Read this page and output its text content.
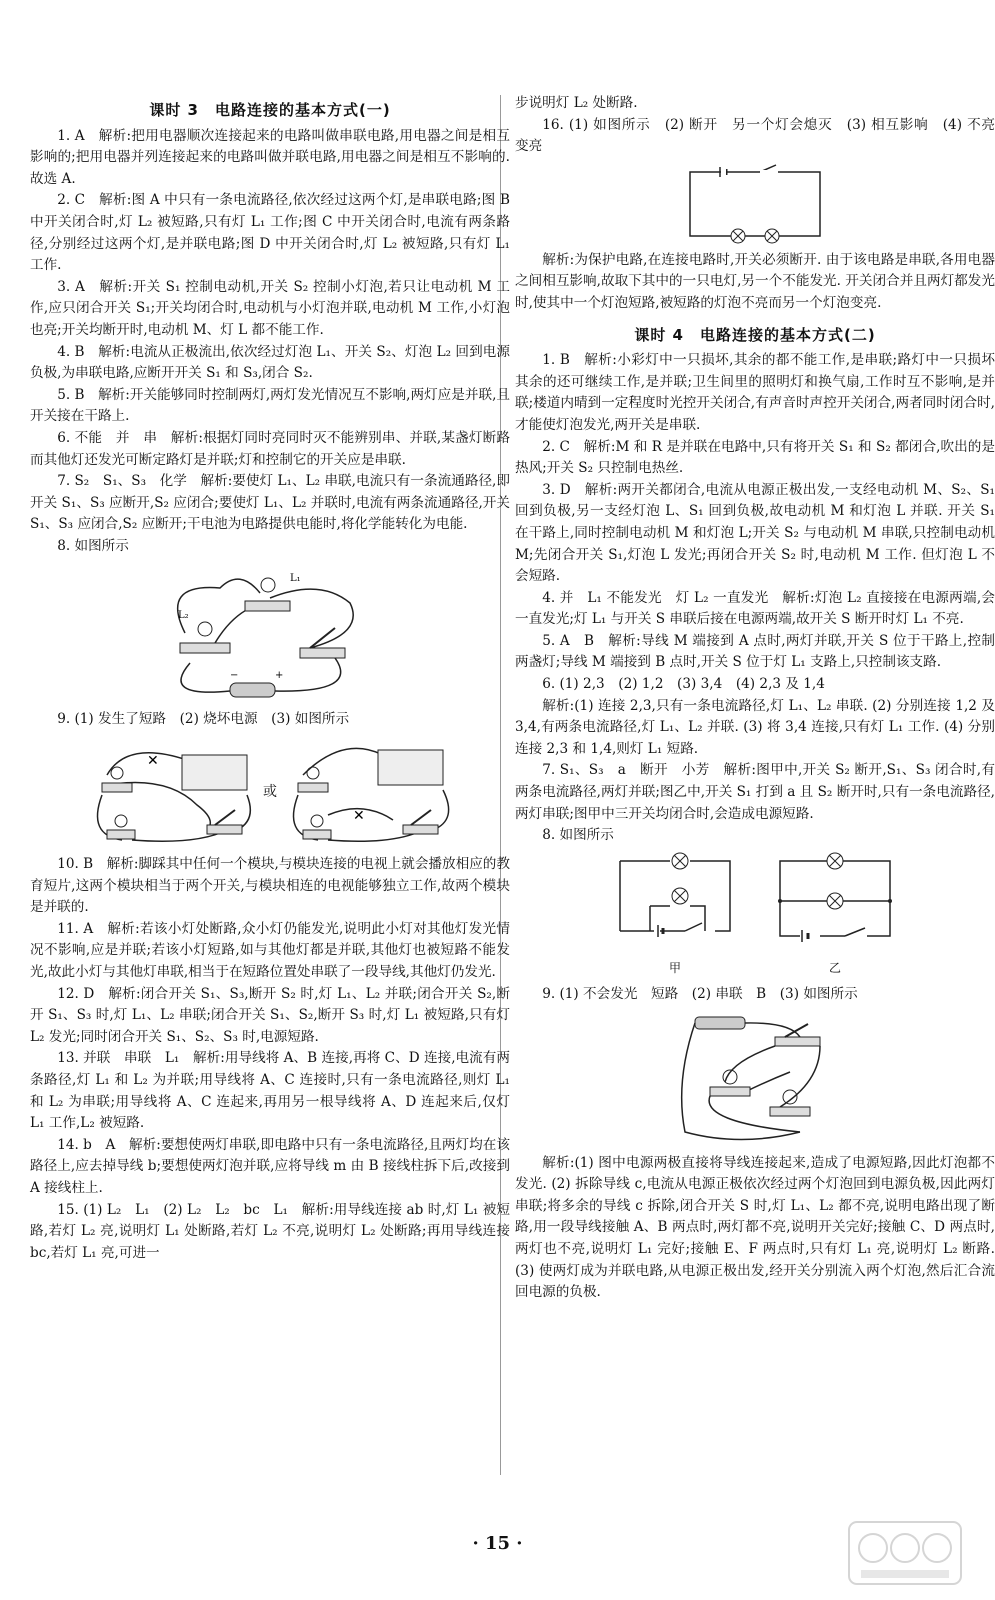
课时 3　电路连接的基本方式(一)

1. A　解析:把用电器顺次连接起来的电路叫做串联电路,用电器之间是相互影响的;把用电器并列连接起来的电路叫做并联电路,用电器之间是相互不影响的. 故选 A.

2. C　解析:图 A 中只有一条电流路径,依次经过这两个灯,是串联电路;图 B 中开关闭合时,灯 L₂ 被短路,只有灯 L₁ 工作;图 C 中开关闭合时,电流有两条路径,分别经过这两个灯,是并联电路;图 D 中开关闭合时,灯 L₂ 被短路,只有灯 L₁ 工作.

3. A　解析:开关 S₁ 控制电动机,开关 S₂ 控制小灯泡,若只让电动机 M 工作,应只闭合开关 S₁;开关均闭合时,电动机与小灯泡并联,电动机 M 工作,小灯泡也亮;开关均断开时,电动机 M、灯 L 都不能工作.

4. B　解析:电流从正极流出,依次经过灯泡 L₁、开关 S₂、灯泡 L₂ 回到电源负极,为串联电路,应断开开关 S₁ 和 S₃,闭合 S₂.

5. B　解析:开关能够同时控制两灯,两灯发光情况互不影响,两灯应是并联,且开关接在干路上.

6. 不能　并　串　解析:根据灯同时亮同时灭不能辨别串、并联,某盏灯断路而其他灯还发光可断定路灯是并联;灯和控制它的开关应是串联.

7. S₂　S₁、S₃　化学　解析:要使灯 L₁、L₂ 串联,电流只有一条流通路径,即开关 S₁、S₃ 应断开,S₂ 应闭合;要使灯 L₁、L₂ 并联时,电流有两条流通路径,开关 S₁、S₃ 应闭合,S₂ 应断开;干电池为电路提供电能时,将化学能转化为电能.

8. 如图所示

L₁
L₂
−	+

9. (1) 发生了短路　(2) 烧坏电源　(3) 如图所示

✕
或
✕

10. B　解析:脚踩其中任何一个模块,与模块连接的电视上就会播放相应的教育短片,这两个模块相当于两个开关,与模块相连的电视能够独立工作,故两个模块是并联的.

11. A　解析:若该小灯处断路,众小灯仍能发光,说明此小灯对其他灯发光情况不影响,应是并联;若该小灯短路,如与其他灯都是并联,其他灯也被短路不能发光,故此小灯与其他灯串联,相当于在短路位置处串联了一段导线,其他灯仍发光.

12. D　解析:闭合开关 S₁、S₃,断开 S₂ 时,灯 L₁、L₂ 并联;闭合开关 S₂,断开 S₁、S₃ 时,灯 L₁、L₂ 串联;闭合开关 S₁、S₂,断开 S₃ 时,灯 L₁ 被短路,只有灯 L₂ 发光;同时闭合开关 S₁、S₂、S₃ 时,电源短路.

13. 并联　串联　L₁　解析:用导线将 A、B 连接,再将 C、D 连接,电流有两条路径,灯 L₁ 和 L₂ 为并联;用导线将 A、C 连接时,只有一条电流路径,则灯 L₁ 和 L₂ 为串联;用导线将 A、C 连起来,再用另一根导线将 A、D 连起来后,仅灯 L₁ 工作,L₂ 被短路.

14. b　A　解析:要想使两灯串联,即电路中只有一条电流路径,且两灯均在该路径上,应去掉导线 b;要想使两灯泡并联,应将导线 m 由 B 接线柱拆下后,改接到 A 接线柱上.

15. (1) L₂　L₁　(2) L₂　L₂　bc　L₁　解析:用导线连接 ab 时,灯 L₁ 被短路,若灯 L₂ 亮,说明灯 L₁ 处断路,若灯 L₂ 不亮,说明灯 L₂ 处断路;再用导线连接 bc,若灯 L₁ 亮,可进一

步说明灯 L₂ 处断路.

16. (1) 如图所示　(2) 断开　另一个灯会熄灭　(3) 相互影响　(4) 不亮　变亮

解析:为保护电路,在连接电路时,开关必须断开. 由于该电路是串联,各用电器之间相互影响,故取下其中的一只电灯,另一个不能发光. 开关闭合并且两灯都发光时,使其中一个灯泡短路,被短路的灯泡不亮而另一个灯泡变亮.

课时 4　电路连接的基本方式(二)

1. B　解析:小彩灯中一只损坏,其余的都不能工作,是串联;路灯中一只损坏其余的还可继续工作,是并联;卫生间里的照明灯和换气扇,工作时互不影响,是并联;楼道内晴到一定程度时光控开关闭合,有声音时声控开关闭合,两者同时闭合时,才能使灯泡发光,两开关是串联.

2. C　解析:M 和 R 是并联在电路中,只有将开关 S₁ 和 S₂ 都闭合,吹出的是热风;开关 S₂ 只控制电热丝.

3. D　解析:两开关都闭合,电流从电源正极出发,一支经电动机 M、S₂、S₁ 回到负极,另一支经灯泡 L、S₁ 回到负极,故电动机 M 和灯泡 L 并联. 开关 S₁ 在干路上,同时控制电动机 M 和灯泡 L;开关 S₂ 与电动机 M 串联,只控制电动机 M;先闭合开关 S₁,灯泡 L 发光;再闭合开关 S₂ 时,电动机 M 工作. 但灯泡 L 不会短路.

4. 并　L₁ 不能发光　灯 L₂ 一直发光　解析:灯泡 L₂ 直接接在电源两端,会一直发光;灯 L₁ 与开关 S 串联后接在电源两端,故开关 S 断开时灯 L₁ 不亮.

5. A　B　解析:导线 M 端接到 A 点时,两灯并联,开关 S 位于干路上,控制两盏灯;导线 M 端接到 B 点时,开关 S 位于灯 L₁ 支路上,只控制该支路.

6. (1) 2,3　(2) 1,2　(3) 3,4　(4) 2,3 及 1,4

解析:(1) 连接 2,3,只有一条电流路径,灯 L₁、L₂ 串联. (2) 分别连接 1,2 及 3,4,有两条电流路径,灯 L₁、L₂ 并联. (3) 将 3,4 连接,只有灯 L₁ 工作. (4) 分别连接 2,3 和 1,4,则灯 L₁ 短路.

7. S₁、S₃　a　断开　小芳　解析:图甲中,开关 S₂ 断开,S₁、S₃ 闭合时,有两条电流路径,两灯并联;图乙中,开关 S₁ 打到 a 且 S₂ 断开时,只有一条电流路径,两灯串联;图甲中三开关均闭合时,会造成电源短路.

8. 如图所示

甲	乙

9. (1) 不会发光　短路　(2) 串联　B　(3) 如图所示

解析:(1) 图中电源两极直接将导线连接起来,造成了电源短路,因此灯泡都不发光. (2) 拆除导线 c,电流从电源正极依次经过两个灯泡回到电源负极,因此两灯串联;将多余的导线 c 拆除,闭合开关 S 时,灯 L₁、L₂ 都不亮,说明电路出现了断路,用一段导线接触 A、B 两点时,两灯都不亮,说明开关完好;接触 C、D 两点时,两灯也不亮,说明灯 L₁ 完好;接触 E、F 两点时,只有灯 L₁ 亮,说明灯 L₂ 断路. (3) 使两灯成为并联电路,从电源正极出发,经开关分别流入两个灯泡,然后汇合流回电源的负极.

· 15 ·
